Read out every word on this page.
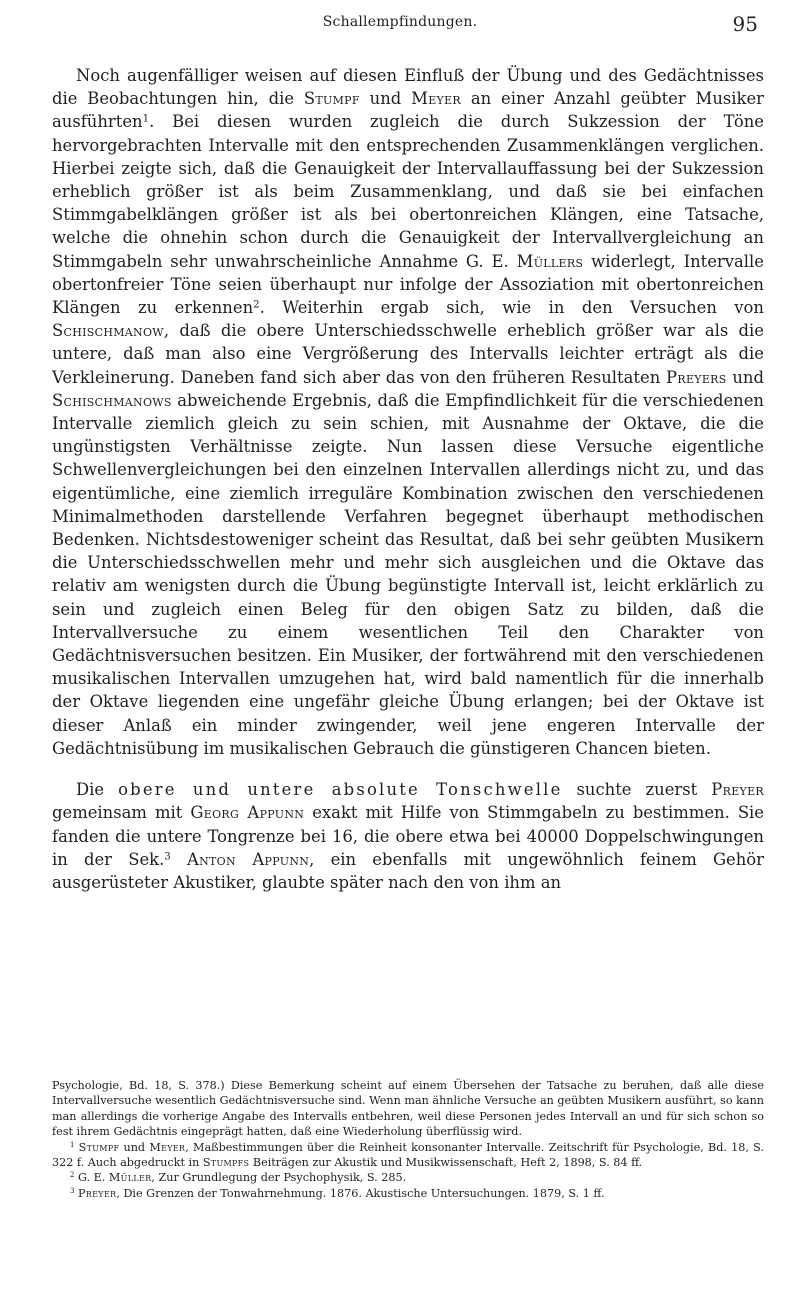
Schallempfindungen.	95

Noch augenfälliger weisen auf diesen Einfluß der Übung und des Gedächtnisses die Beobachtungen hin, die Stumpf und Meyer an einer Anzahl geübter Musiker ausführten$^1$. Bei diesen wurden zugleich die durch Sukzession der Töne hervorgebrachten Intervalle mit den entsprechenden Zusammenklängen verglichen. Hierbei zeigte sich, daß die Genauigkeit der Intervallauffassung bei der Sukzession erheblich größer ist als beim Zusammenklang, und daß sie bei einfachen Stimmgabelklängen größer ist als bei obertonreichen Klängen, eine Tatsache, welche die ohnehin schon durch die Genauigkeit der Intervallvergleichung an Stimmgabeln sehr unwahrscheinliche Annahme G. E. Müllers widerlegt, Intervalle obertonfreier Töne seien überhaupt nur infolge der Assoziation mit obertonreichen Klängen zu erkennen$^2$. Weiterhin ergab sich, wie in den Versuchen von Schischmanow, daß die obere Unterschiedsschwelle erheblich größer war als die untere, daß man also eine Vergrößerung des Intervalls leichter erträgt als die Verkleinerung. Daneben fand sich aber das von den früheren Resultaten Preyers und Schischmanows abweichende Ergebnis, daß die Empfindlichkeit für die verschiedenen Intervalle ziemlich gleich zu sein schien, mit Ausnahme der Oktave, die die ungünstigsten Verhältnisse zeigte. Nun lassen diese Versuche eigentliche Schwellenvergleichungen bei den einzelnen Intervallen allerdings nicht zu, und das eigentümliche, eine ziemlich irreguläre Kombination zwischen den verschiedenen Minimalmethoden darstellende Verfahren begegnet überhaupt methodischen Bedenken. Nichtsdestoweniger scheint das Resultat, daß bei sehr geübten Musikern die Unterschiedsschwellen mehr und mehr sich ausgleichen und die Oktave das relativ am wenigsten durch die Übung begünstigte Intervall ist, leicht erklärlich zu sein und zugleich einen Beleg für den obigen Satz zu bilden, daß die Intervallversuche zu einem wesentlichen Teil den Charakter von Gedächtnisversuchen besitzen. Ein Musiker, der fortwährend mit den verschiedenen musikalischen Intervallen umzugehen hat, wird bald namentlich für die innerhalb der Oktave liegenden eine ungefähr gleiche Übung erlangen; bei der Oktave ist dieser Anlaß ein minder zwingender, weil jene engeren Intervalle der Gedächtnisübung im musikalischen Gebrauch die günstigeren Chancen bieten.

Die obere und untere absolute Tonschwelle suchte zuerst Preyer gemeinsam mit Georg Appunn exakt mit Hilfe von Stimmgabeln zu bestimmen. Sie fanden die untere Tongrenze bei 16, die obere etwa bei 40000 Doppelschwingungen in der Sek.$^3$ Anton Appunn, ein ebenfalls mit ungewöhnlich feinem Gehör ausgerüsteter Akustiker, glaubte später nach den von ihm an

Psychologie, Bd. 18, S. 378.) Diese Bemerkung scheint auf einem Übersehen der Tatsache zu beruhen, daß alle diese Intervallversuche wesentlich Gedächtnisversuche sind. Wenn man ähnliche Versuche an geübten Musikern ausführt, so kann man allerdings die vorherige Angabe des Intervalls entbehren, weil diese Personen jedes Intervall an und für sich schon so fest ihrem Gedächtnis eingeprägt hatten, daß eine Wiederholung überflüssig wird.

$^1$ Stumpf und Meyer, Maßbestimmungen über die Reinheit konsonanter Intervalle. Zeitschrift für Psychologie, Bd. 18, S. 322 f. Auch abgedruckt in Stumpfs Beiträgen zur Akustik und Musikwissenschaft, Heft 2, 1898, S. 84 ff.

$^2$ G. E. Müller, Zur Grundlegung der Psychophysik, S. 285.

$^3$ Preyer, Die Grenzen der Tonwahrnehmung. 1876. Akustische Untersuchungen. 1879, S. 1 ff.
